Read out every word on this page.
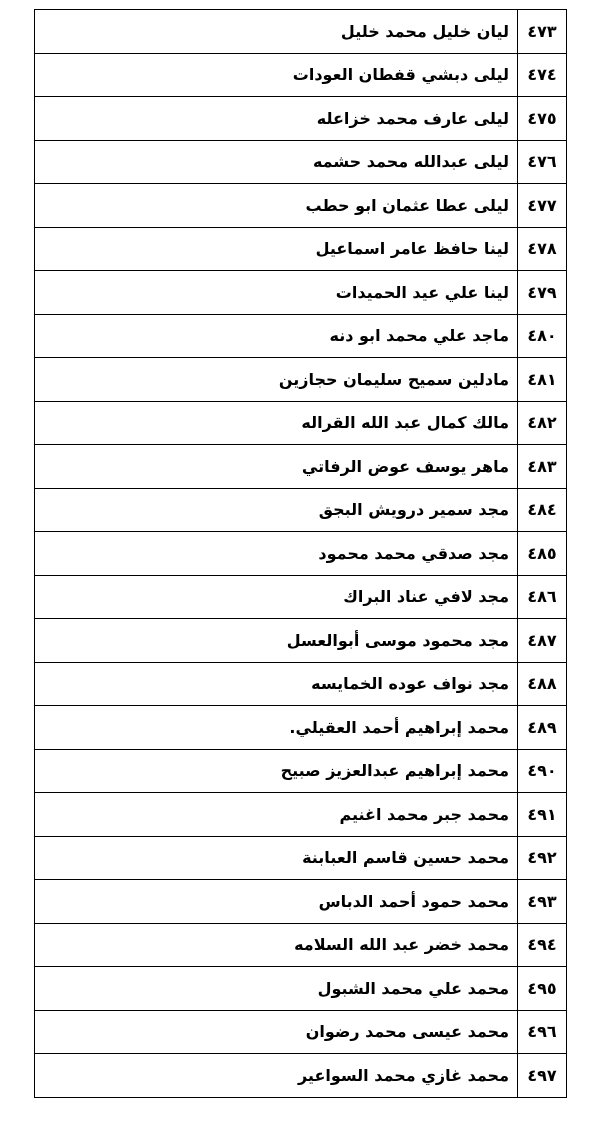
٤٧٣	ليان خليل محمد خليل
٤٧٤	ليلى دبشي قفطان العودات
٤٧٥	ليلى عارف محمد خزاعله
٤٧٦	ليلى عبدالله محمد حشمه
٤٧٧	ليلى عطا عثمان ابو حطب
٤٧٨	لينا حافظ عامر اسماعيل
٤٧٩	لينا علي عيد الحميدات
٤٨٠	ماجد علي محمد ابو دنه
٤٨١	مادلين سميح سليمان حجازين
٤٨٢	مالك كمال عبد الله القراله
٤٨٣	ماهر يوسف عوض الرفاتي
٤٨٤	مجد سمير درويش البجق
٤٨٥	مجد صدقي محمد محمود
٤٨٦	مجد لافي عناد البراك
٤٨٧	مجد محمود موسى أبوالعسل
٤٨٨	مجد نواف عوده الخمايسه
٤٨٩	محمد إبراهيم أحمد العقيلي.
٤٩٠	محمد إبراهيم عبدالعزيز صبيح
٤٩١	محمد جبر محمد اغنيم
٤٩٢	محمد حسين قاسم العبابنة
٤٩٣	محمد حمود أحمد الدباس
٤٩٤	محمد خضر عبد الله السلامه
٤٩٥	محمد علي محمد الشبول
٤٩٦	محمد عيسى محمد رضوان
٤٩٧	محمد غازي محمد السواعير
